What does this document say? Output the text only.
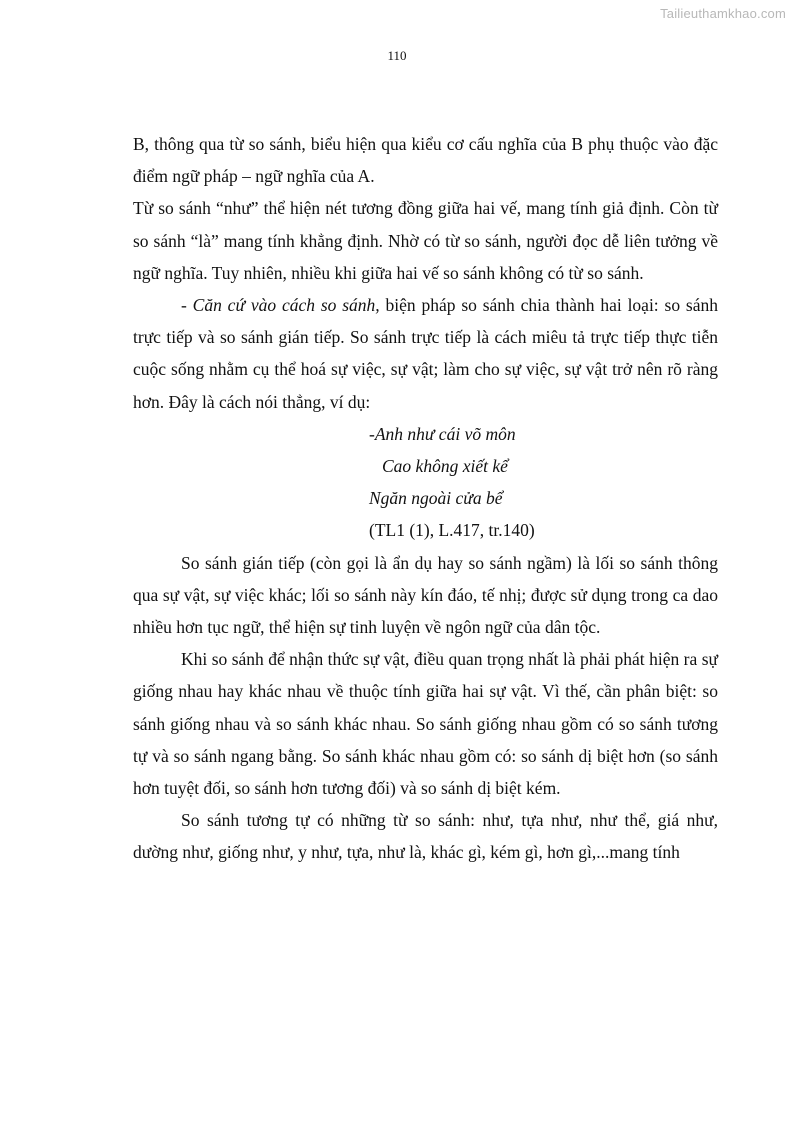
Tailieuthamkhao.com
110

B, thông qua từ so sánh, biểu hiện qua kiểu cơ cấu nghĩa của B phụ thuộc vào đặc điểm ngữ pháp – ngữ nghĩa của A.

Từ so sánh “như” thể hiện nét tương đồng giữa hai vế, mang tính giả định. Còn từ so sánh “là” mang tính khẳng định. Nhờ có từ so sánh, người đọc dễ liên tưởng về ngữ nghĩa. Tuy nhiên, nhiều khi giữa hai vế so sánh không có từ so sánh.

- Căn cứ vào cách so sánh, biện pháp so sánh chia thành hai loại: so sánh trực tiếp và so sánh gián tiếp. So sánh trực tiếp là cách miêu tả trực tiếp thực tiễn cuộc sống nhằm cụ thể hoá sự việc, sự vật; làm cho sự việc, sự vật trở nên rõ ràng hơn. Đây là cách nói thẳng, ví dụ:

-Anh như cái võ môn
Cao không xiết kể
Ngăn ngoài cửa bể
(TL1 (1), L.417, tr.140)

So sánh gián tiếp (còn gọi là ẩn dụ hay so sánh ngầm) là lối so sánh thông qua sự vật, sự việc khác; lối so sánh này kín đáo, tế nhị; được sử dụng trong ca dao nhiều hơn tục ngữ, thể hiện sự tinh luyện về ngôn ngữ của dân tộc.

Khi so sánh để nhận thức sự vật, điều quan trọng nhất là phải phát hiện ra sự giống nhau hay khác nhau về thuộc tính giữa hai sự vật. Vì thế, cần phân biệt: so sánh giống nhau và so sánh khác nhau. So sánh giống nhau gồm có so sánh tương tự và so sánh ngang bằng. So sánh khác nhau gồm có: so sánh dị biệt hơn (so sánh hơn tuyệt đối, so sánh hơn tương đối) và so sánh dị biệt kém.

So sánh tương tự có những từ so sánh: như, tựa như, như thể, giá như, dường như, giống như, y như, tựa, như là, khác gì, kém gì, hơn gì,...mang tính
